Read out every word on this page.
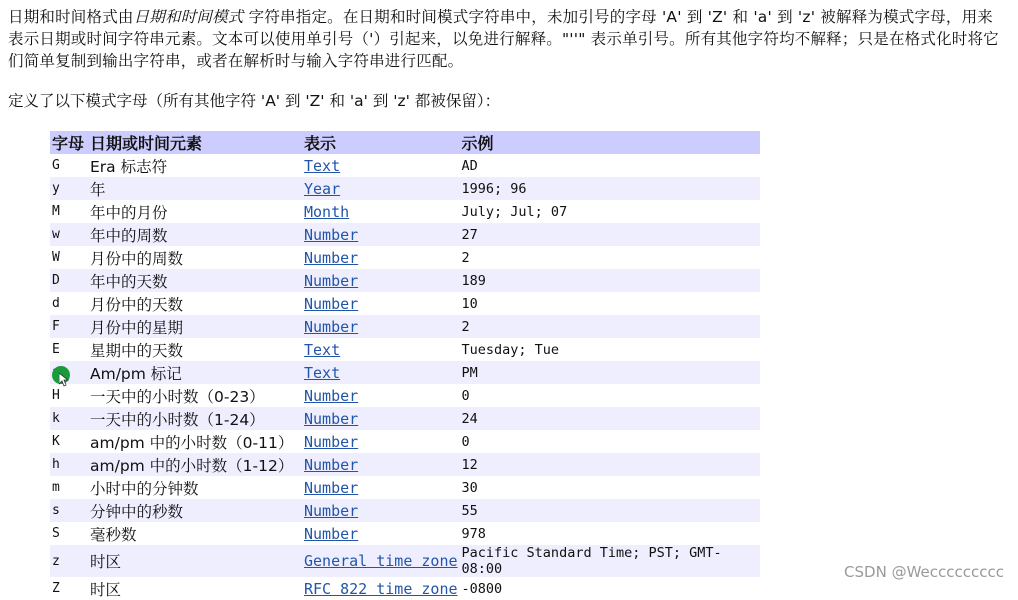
日期和时间格式由日期和时间模式 字符串指定。在日期和时间模式字符串中，未加引号的字母 'A' 到 'Z' 和 'a' 到 'z' 被解释为模式字母，用来表示日期或时间字符串元素。文本可以使用单引号（'）引起来，以免进行解释。"''" 表示单引号。所有其他字符均不解释；只是在格式化时将它们简单复制到输出字符串，或者在解析时与输入字符串进行匹配。
定义了以下模式字母（所有其他字符 'A' 到 'Z' 和 'a' 到 'z' 都被保留）：
字母	日期或时间元素	表示	示例
G	Era 标志符	Text	AD
y	年	Year	1996; 96
M	年中的月份	Month	July; Jul; 07
w	年中的周数	Number	27
W	月份中的周数	Number	2
D	年中的天数	Number	189
d	月份中的天数	Number	10
F	月份中的星期	Number	2
E	星期中的天数	Text	Tuesday; Tue
	Am/pm 标记	Text	PM
H	一天中的小时数（0-23）	Number	0
k	一天中的小时数（1-24）	Number	24
K	am/pm 中的小时数（0-11）	Number	0
h	am/pm 中的小时数（1-12）	Number	12
m	小时中的分钟数	Number	30
s	分钟中的秒数	Number	55
S	毫秒数	Number	978
z	时区	General time zone	Pacific Standard Time; PST; GMT-08:00
Z	时区	RFC 822 time zone	-0800
CSDN @Weccccccccc
